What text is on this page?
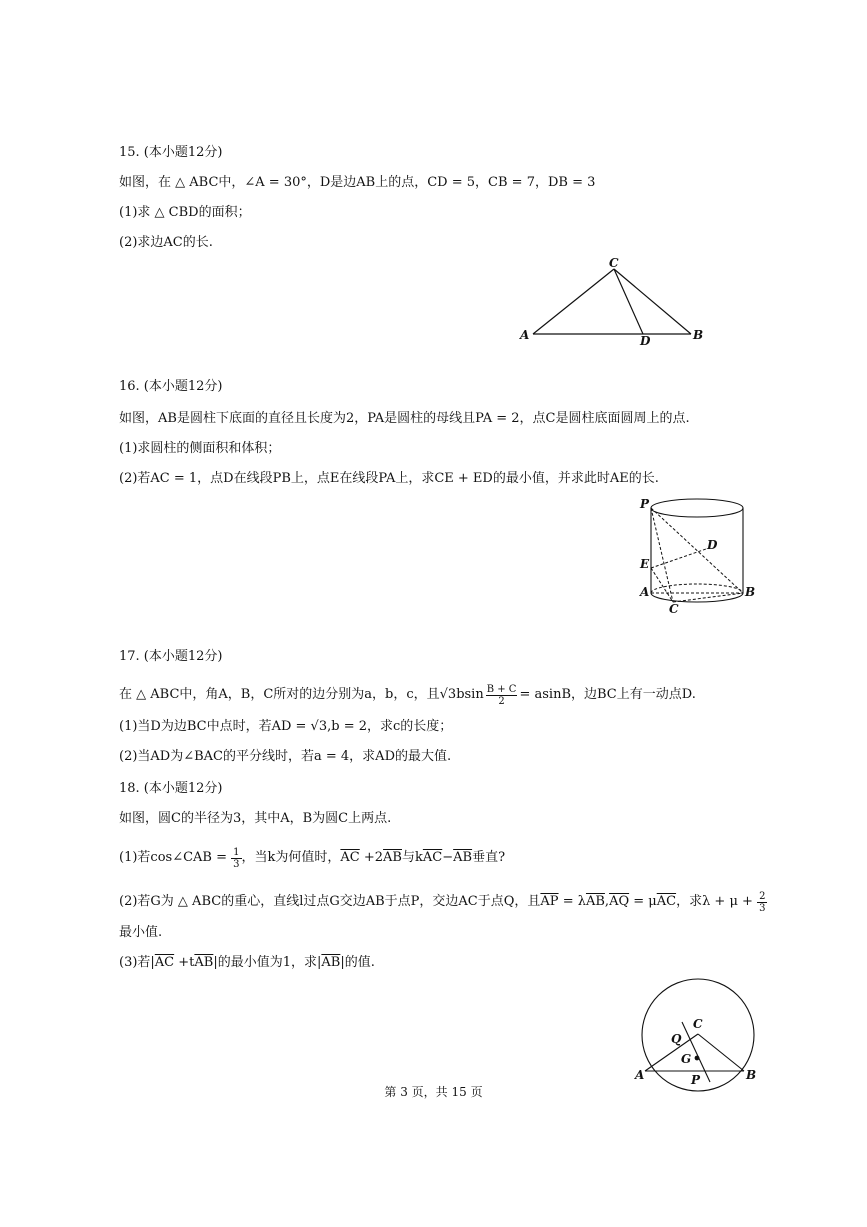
15. (本小题12分)
如图，在 △ ABC中，∠A = 30°，D是边AB上的点，CD = 5，CB = 7，DB = 3
(1)求 △ CBD的面积；
(2)求边AC的长.
C
A	B
D
16. (本小题12分)
如图，AB是圆柱下底面的直径且长度为2，PA是圆柱的母线且PA = 2，点C是圆柱底面圆周上的点.
(1)求圆柱的侧面积和体积；
(2)若AC = 1，点D在线段PB上，点E在线段PA上，求CE + ED的最小值，并求此时AE的长.
P
D
E
A	B
C
17. (本小题12分)
在 △ ABC中，角A，B，C所对的边分别为a，b，c，且$√3bsin \frac{B + C}{2} = asinB$，边BC上有一动点D.
(1)当D为边BC中点时，若AD = √3,b = 2，求c的长度；
(2)当AD为∠BAC的平分线时，若a = 4，求AD的最大值.
18. (本小题12分)
如图，圆C的半径为3，其中A，B为圆C上两点.
(1)若cos∠CAB = $\frac{1}{3}$ ，当k为何值时，$\overline{AC} +2\overline{AB}$与$k\overline{AC}-\overline{AB}$垂直?
(2)若G为 △ ABC的重心，直线l过点G交边AB于点P，交边AC于点Q，且$\overline{AP} = \lambda\overline{AB},\overline{AQ} = \mu\overline{AC}$，求$\lambda + \mu + \frac{2}{3}$
最小值.
(3)若$|\overline{AC} +t\overline{AB}|$的最小值为1，求$|\overline{AB}|$的值.
C
Q
G
A	P	B
第 3 页，共 15 页
